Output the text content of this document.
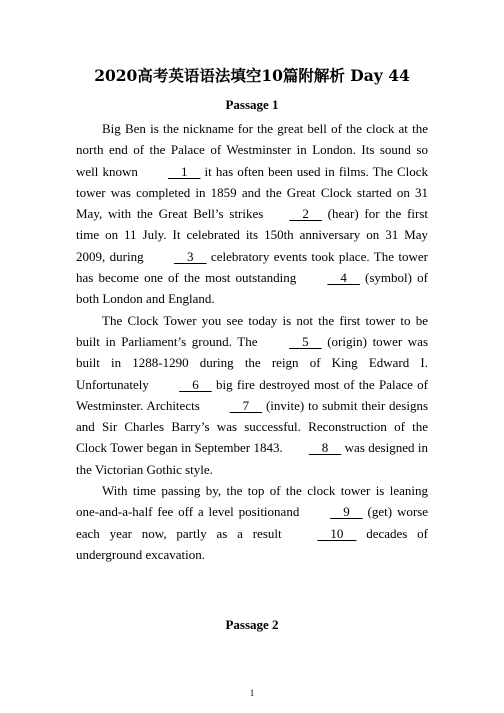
2020高考英语语法填空10篇附解析 Day 44
Passage 1

Big Ben is the nickname for the great bell of the clock at the north end of the Palace of Westminster in London. Its sound so well known     1     it has often been used in films. The Clock tower was completed in 1859 and the Great Clock started on 31 May, with the Great Bell’s strikes    2     (hear) for the first time on 11 July. It celebrated its 150th anniversary on 31 May 2009, during     3     celebratory events took place. The tower has become one of the most outstanding     4     (symbol) of both London and England.

The Clock Tower you see today is not the first tower to be built in Parliament’s ground. The     5     (origin) tower was built in 1288-1290 during the reign of King Edward I. Unfortunately     6     big fire destroyed most of the Palace of Westminster. Architects     7     (invite) to submit their designs and Sir Charles Barry’s was successful. Reconstruction of the Clock Tower began in September 1843.    8     was designed in the Victorian Gothic style.

With time passing by, the top of the clock tower is leaning one-and-a-half fee off a level positionand     9     (get) worse each year now, partly as a result     10     decades of underground excavation.

Passage 2
1
